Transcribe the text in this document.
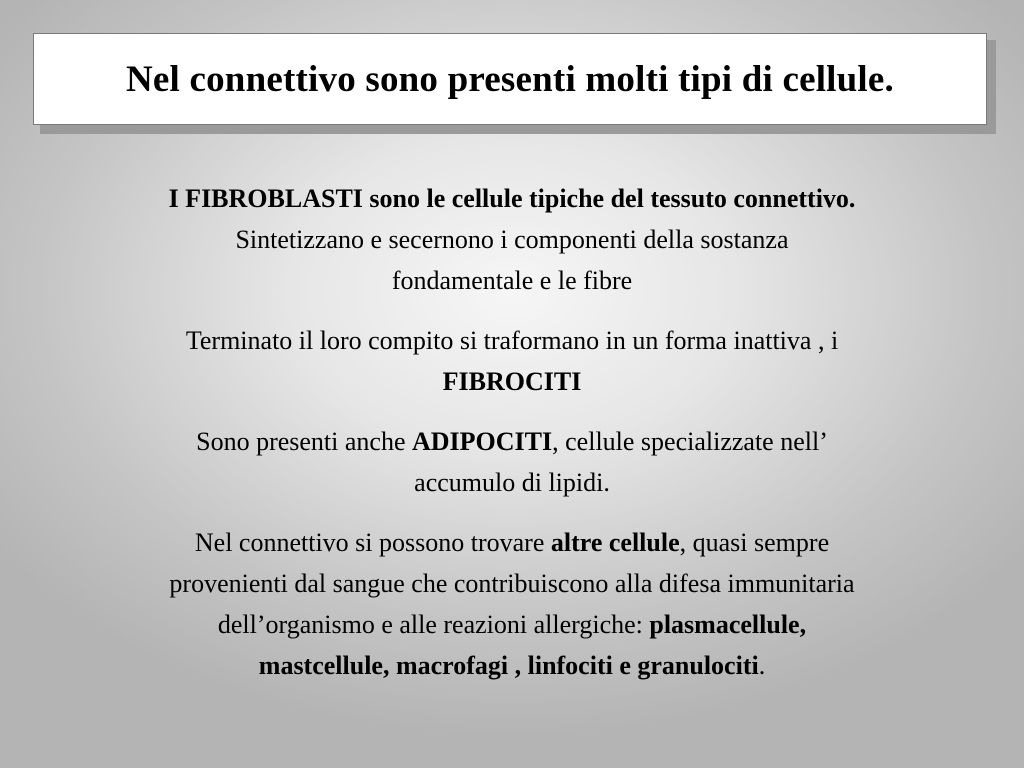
Nel connettivo sono presenti molti tipi di cellule.

I FIBROBLASTI sono le cellule tipiche del tessuto connettivo.
Sintetizzano e secernono i componenti della sostanza
fondamentale e le fibre

Terminato il loro compito si traformano in un forma inattiva , i
FIBROCITI

Sono presenti anche ADIPOCITI, cellule specializzate nell’
accumulo di lipidi.

Nel connettivo si possono trovare altre cellule, quasi sempre
provenienti dal sangue che contribuiscono alla difesa immunitaria
dell’organismo e alle reazioni allergiche: plasmacellule,
mastcellule, macrofagi , linfociti e granulociti.
